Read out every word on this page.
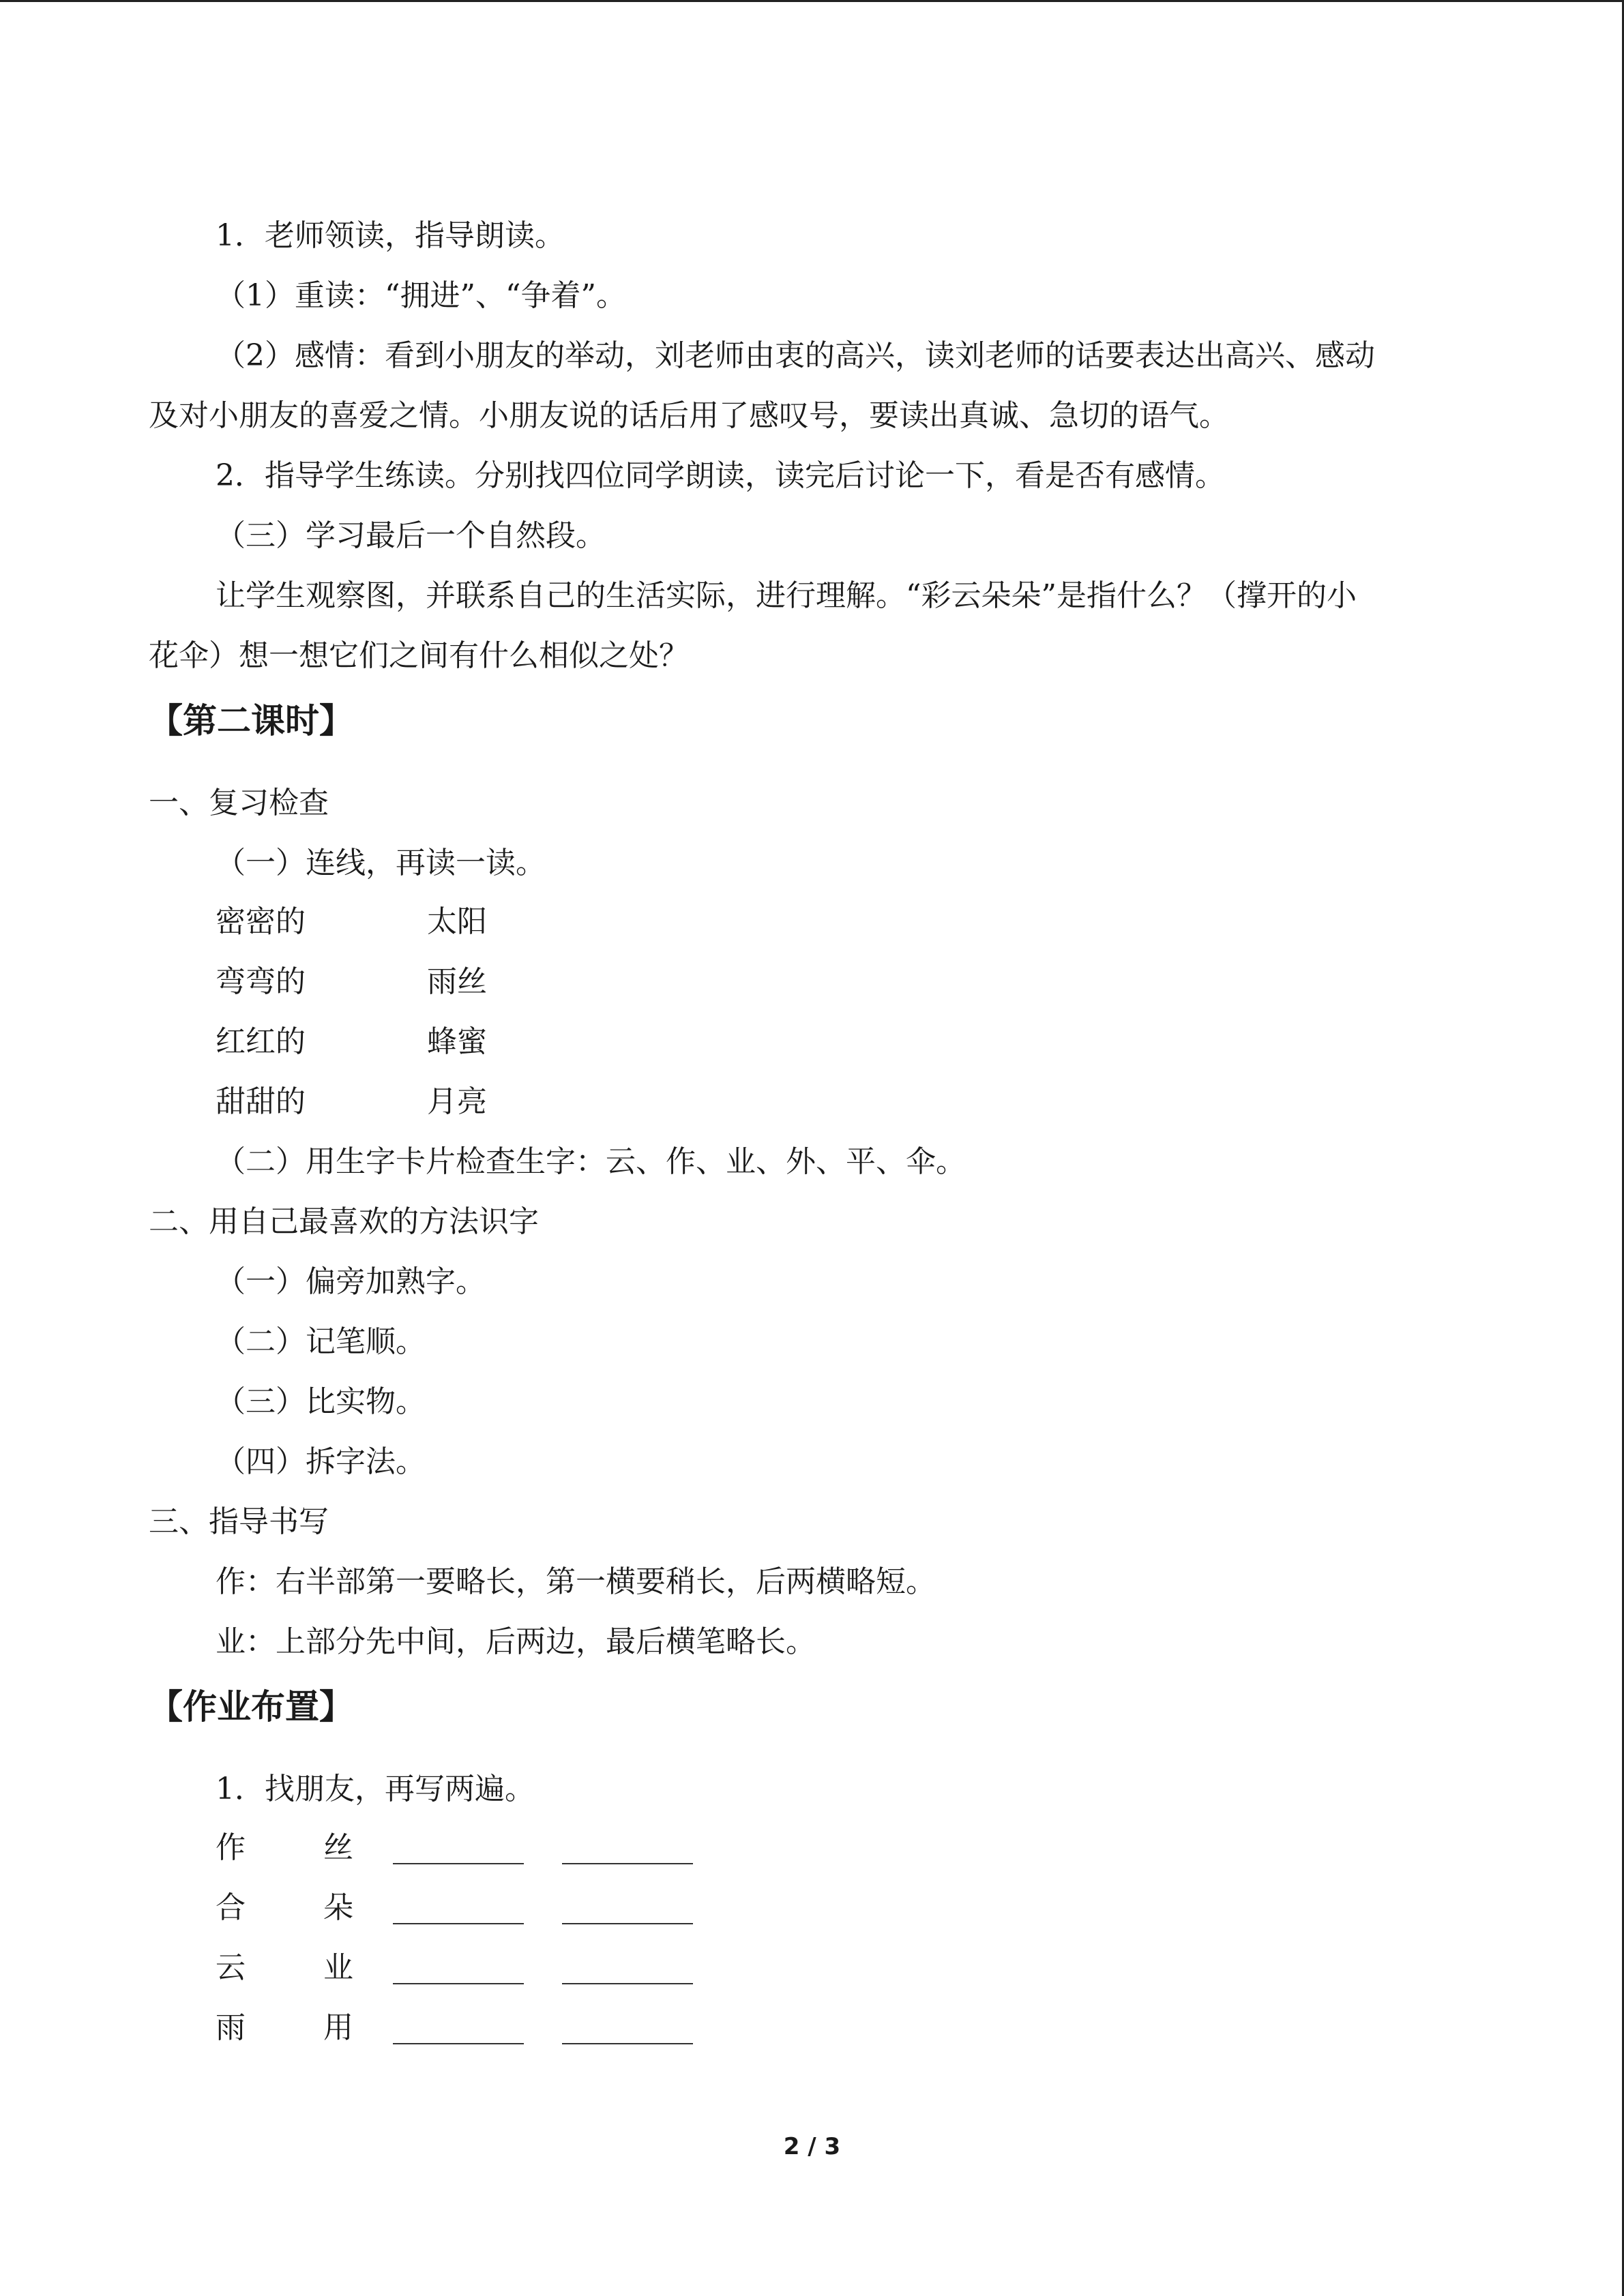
1．老师领读，指导朗读。
（1）重读：“拥进”、“争着”。
（2）感情：看到小朋友的举动，刘老师由衷的高兴，读刘老师的话要表达出高兴、感动
及对小朋友的喜爱之情。小朋友说的话后用了感叹号，要读出真诚、急切的语气。
2．指导学生练读。分别找四位同学朗读，读完后讨论一下，看是否有感情。
（三）学习最后一个自然段。
让学生观察图，并联系自己的生活实际，进行理解。“彩云朵朵”是指什么？（撑开的小
花伞）想一想它们之间有什么相似之处？
【第二课时】
一、复习检查
（一）连线，再读一读。
密密的	太阳
弯弯的	雨丝
红红的	蜂蜜
甜甜的	月亮
（二）用生字卡片检查生字：云、作、业、外、平、伞。
二、用自己最喜欢的方法识字
（一）偏旁加熟字。
（二）记笔顺。
（三）比实物。
（四）拆字法。
三、指导书写
作：右半部第一要略长，第一横要稍长，后两横略短。
业：上部分先中间，后两边，最后横笔略长。
【作业布置】
1．找朋友，再写两遍。
作	丝
合	朵
云	业
雨	用
2 / 3
